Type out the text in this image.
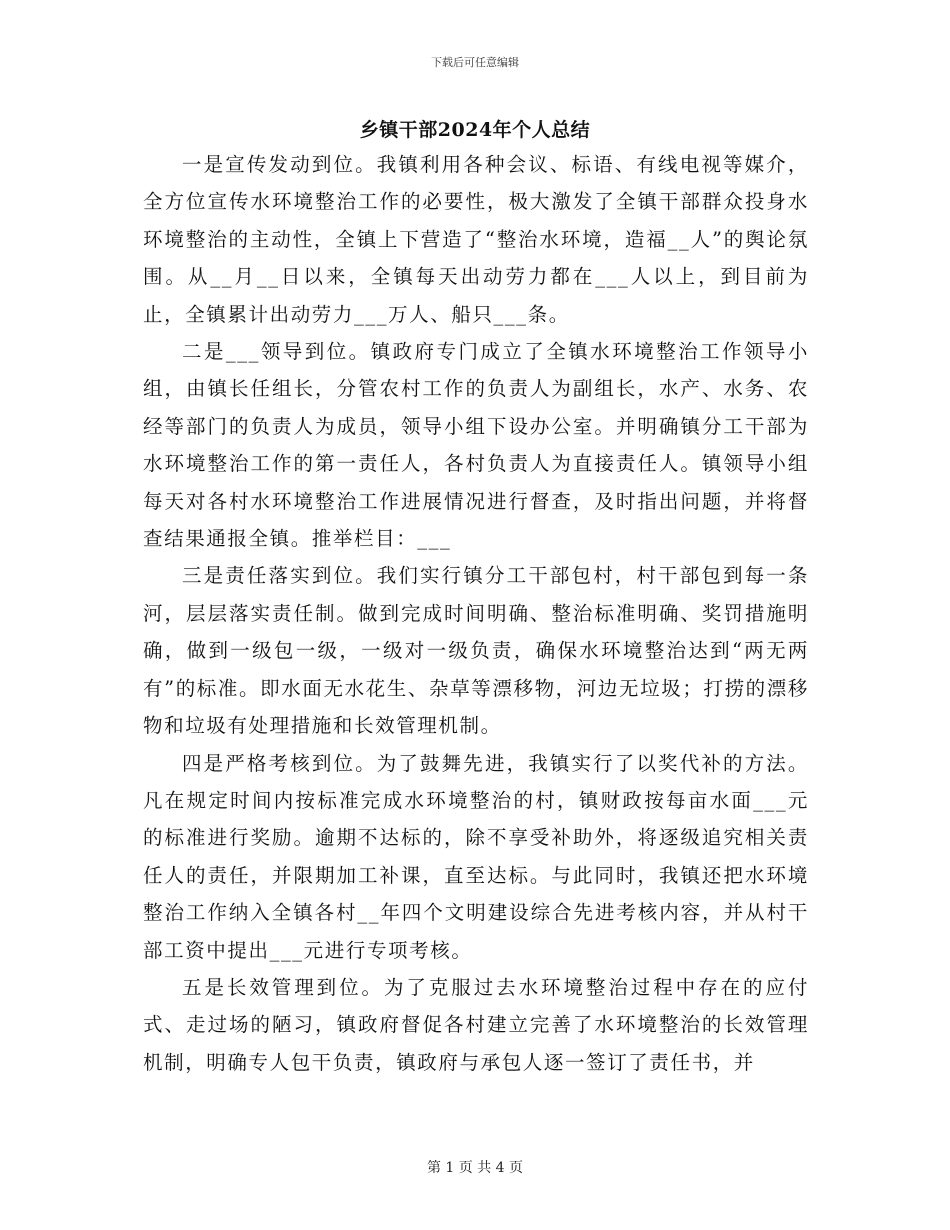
下载后可任意编辑
乡镇干部2024年个人总结

一是宣传发动到位。我镇利用各种会议、标语、有线电视等媒介，全方位宣传水环境整治工作的必要性，极大激发了全镇干部群众投身水环境整治的主动性，全镇上下营造了“整治水环境，造福__人”的舆论氛围。从__月__日以来，全镇每天出动劳力都在___人以上，到目前为止，全镇累计出动劳力___万人、船只___条。

二是___领导到位。镇政府专门成立了全镇水环境整治工作领导小组，由镇长任组长，分管农村工作的负责人为副组长，水产、水务、农经等部门的负责人为成员，领导小组下设办公室。并明确镇分工干部为水环境整治工作的第一责任人，各村负责人为直接责任人。镇领导小组每天对各村水环境整治工作进展情况进行督查，及时指出问题，并将督查结果通报全镇。推举栏目：___

三是责任落实到位。我们实行镇分工干部包村，村干部包到每一条河，层层落实责任制。做到完成时间明确、整治标准明确、奖罚措施明确，做到一级包一级，一级对一级负责，确保水环境整治达到“两无两有”的标准。即水面无水花生、杂草等漂移物，河边无垃圾；打捞的漂移物和垃圾有处理措施和长效管理机制。

四是严格考核到位。为了鼓舞先进，我镇实行了以奖代补的方法。凡在规定时间内按标准完成水环境整治的村，镇财政按每亩水面___元的标准进行奖励。逾期不达标的，除不享受补助外，将逐级追究相关责任人的责任，并限期加工补课，直至达标。与此同时，我镇还把水环境整治工作纳入全镇各村__年四个文明建设综合先进考核内容，并从村干部工资中提出___元进行专项考核。

五是长效管理到位。为了克服过去水环境整治过程中存在的应付式、走过场的陋习，镇政府督促各村建立完善了水环境整治的长效管理机制，明确专人包干负责，镇政府与承包人逐一签订了责任书，并

第 1 页 共 4 页
